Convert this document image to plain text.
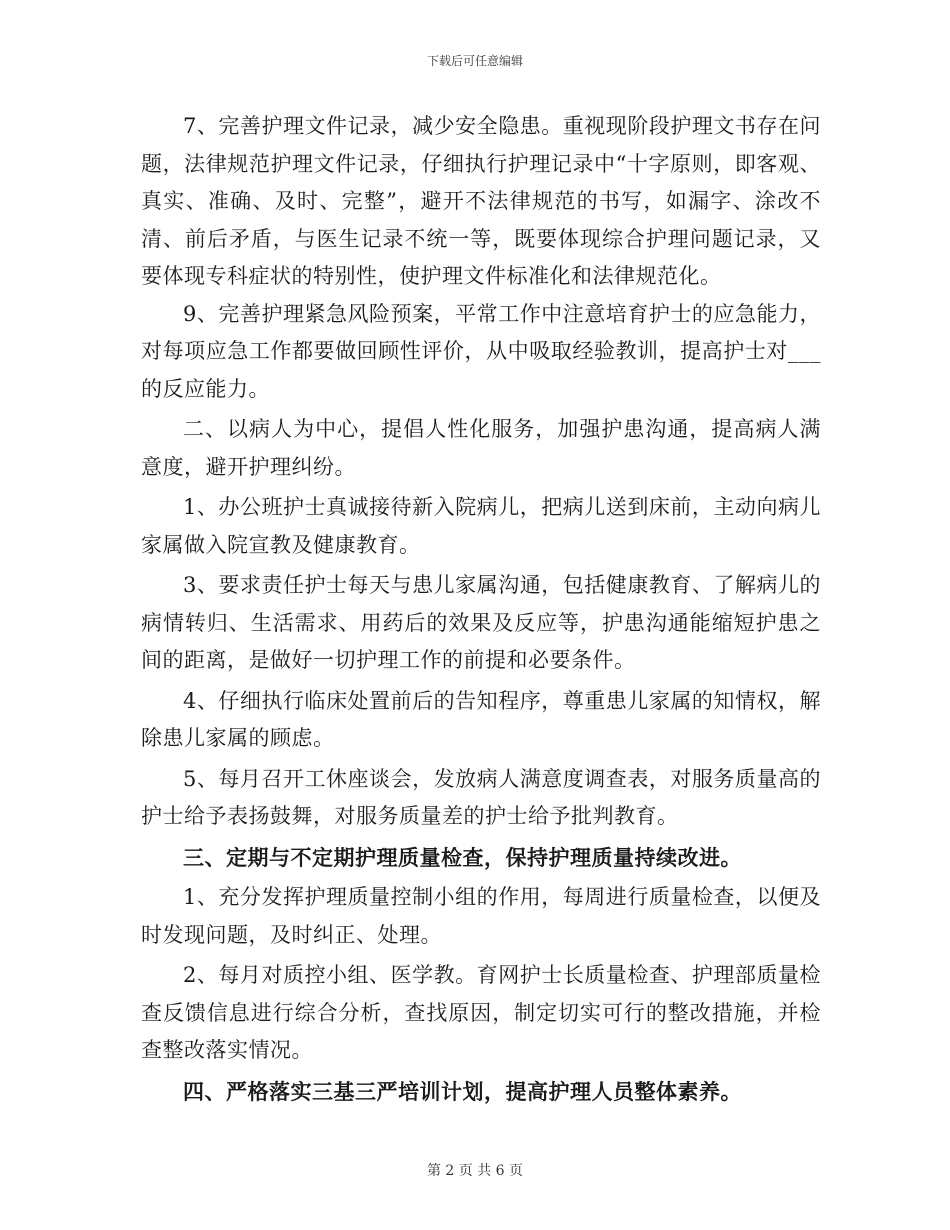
下载后可任意编辑

7、完善护理文件记录，减少安全隐患。重视现阶段护理文书存在问题，法律规范护理文件记录，仔细执行护理记录中“十字原则，即客观、真实、准确、及时、完整”，避开不法律规范的书写，如漏字、涂改不清、前后矛盾，与医生记录不统一等，既要体现综合护理问题记录，又要体现专科症状的特别性，使护理文件标准化和法律规范化。

9、完善护理紧急风险预案，平常工作中注意培育护士的应急能力，对每项应急工作都要做回顾性评价，从中吸取经验教训，提高护士对___的反应能力。

二、以病人为中心，提倡人性化服务，加强护患沟通，提高病人满意度，避开护理纠纷。

1、办公班护士真诚接待新入院病儿，把病儿送到床前，主动向病儿家属做入院宣教及健康教育。

3、要求责任护士每天与患儿家属沟通，包括健康教育、了解病儿的病情转归、生活需求、用药后的效果及反应等，护患沟通能缩短护患之间的距离，是做好一切护理工作的前提和必要条件。

4、仔细执行临床处置前后的告知程序，尊重患儿家属的知情权，解除患儿家属的顾虑。

5、每月召开工休座谈会，发放病人满意度调查表，对服务质量高的护士给予表扬鼓舞，对服务质量差的护士给予批判教育。

三、定期与不定期护理质量检查，保持护理质量持续改进。

1、充分发挥护理质量控制小组的作用，每周进行质量检查，以便及时发现问题，及时纠正、处理。

2、每月对质控小组、医学教。育网护士长质量检查、护理部质量检查反馈信息进行综合分析，查找原因，制定切实可行的整改措施，并检查整改落实情况。

四、严格落实三基三严培训计划，提高护理人员整体素养。

第 2 页 共 6 页
